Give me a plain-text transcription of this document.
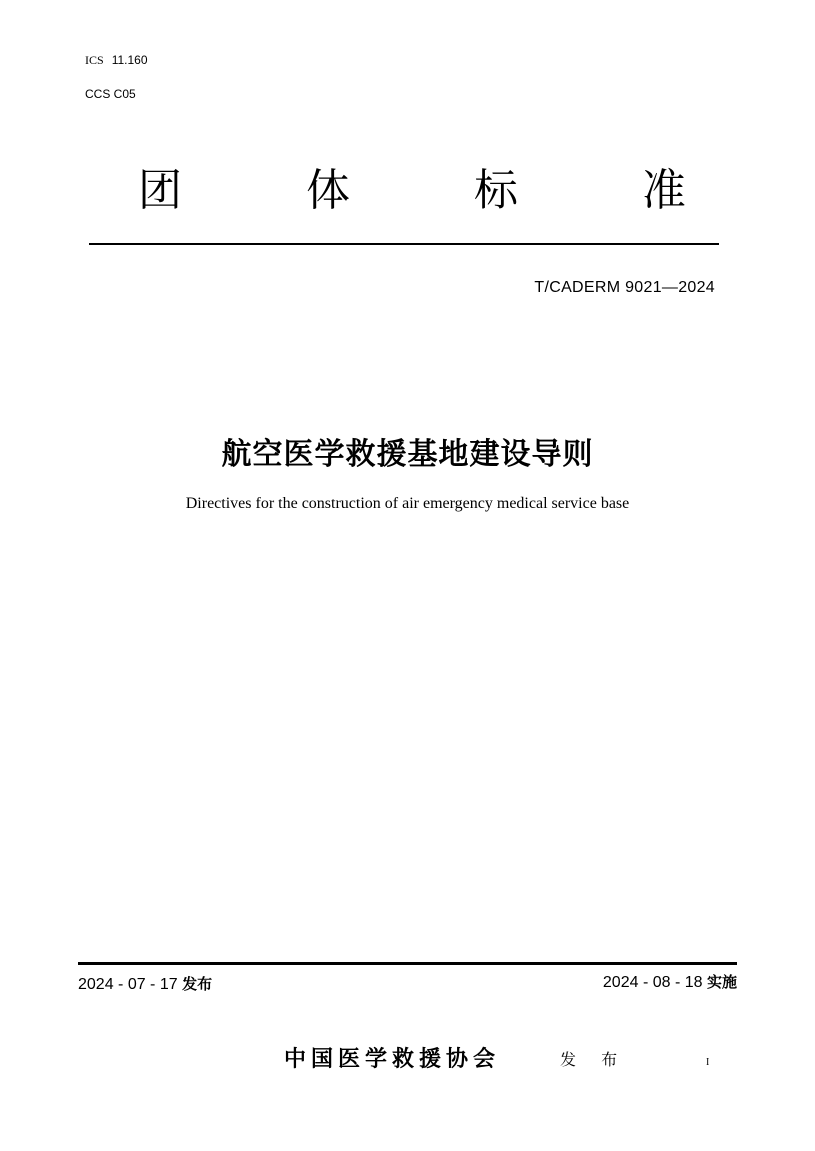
ICS 11.160
CCS C05
团	体	标	准
T/CADERM 9021—2024
航空医学救援基地建设导则
Directives for the construction of air emergency medical service base
2024 - 07 - 17 发布	2024 - 08 - 18 实施
中国医学救援协会	发 布	I
